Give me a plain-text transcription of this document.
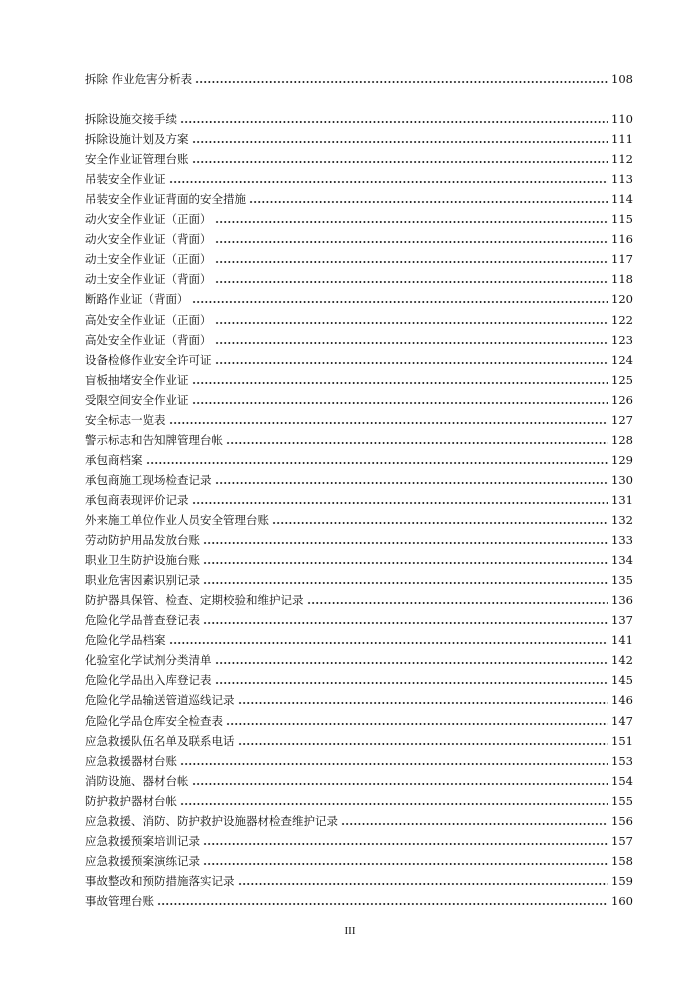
拆除 作业危害分析表	108
拆除设施交接手续	110
拆除设施计划及方案	111
安全作业证管理台账	112
吊装安全作业证	113
吊装安全作业证背面的安全措施	114
动火安全作业证（正面）	115
动火安全作业证（背面）	116
动土安全作业证（正面）	117
动土安全作业证（背面）	118
断路作业证（背面）	120
高处安全作业证（正面）	122
高处安全作业证（背面）	123
设备检修作业安全许可证	124
盲板抽堵安全作业证	125
受限空间安全作业证	126
安全标志一览表	127
警示标志和告知牌管理台帐	128
承包商档案	129
承包商施工现场检查记录	130
承包商表现评价记录	131
外来施工单位作业人员安全管理台账	132
劳动防护用品发放台账	133
职业卫生防护设施台账	134
职业危害因素识别记录	135
防护器具保管、检查、定期校验和维护记录	136
危险化学品普查登记表	137
危险化学品档案	141
化验室化学试剂分类清单	142
危险化学品出入库登记表	145
危险化学品输送管道巡线记录	146
危险化学品仓库安全检查表	147
应急救援队伍名单及联系电话	151
应急救援器材台账	153
消防设施、器材台帐	154
防护救护器材台帐	155
应急救援、消防、防护救护设施器材检查维护记录	156
应急救援预案培训记录	157
应急救援预案演练记录	158
事故整改和预防措施落实记录	159
事故管理台账	160
III
